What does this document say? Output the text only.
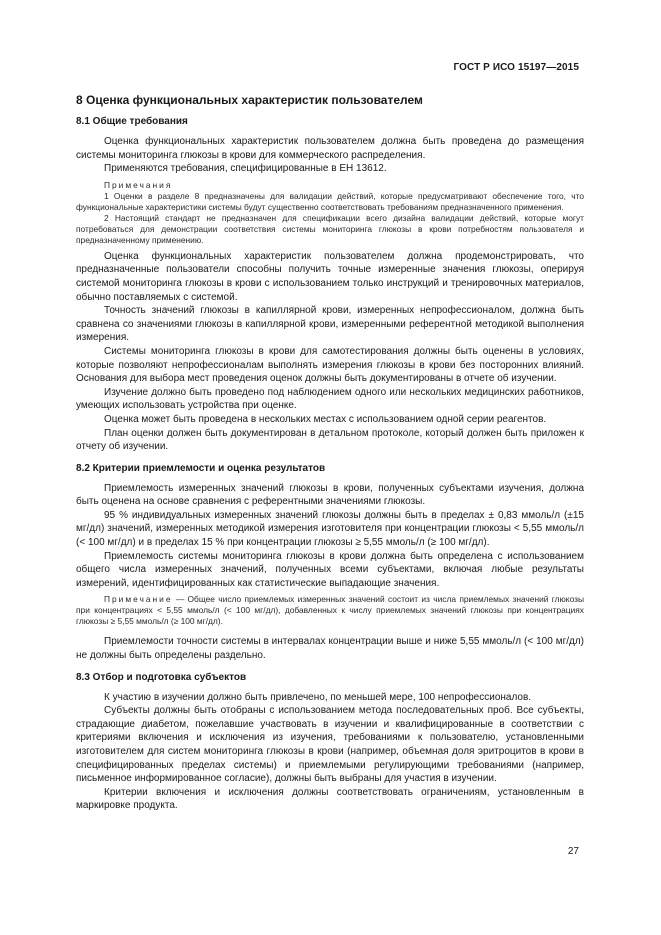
ГОСТ Р ИСО 15197—2015
8 Оценка функциональных характеристик пользователем
8.1 Общие требования

Оценка функциональных характеристик пользователем должна быть проведена до размещения системы мониторинга глюкозы в крови для коммерческого распределения.

Применяются требования, специфицированные в ЕН 13612.

Примечания

1 Оценки в разделе 8 предназначены для валидации действий, которые предусматривают обеспечение того, что функциональные характеристики системы будут существенно соответствовать требованиям предназначенного применения.

2 Настоящий стандарт не предназначен для спецификации всего дизайна валидации действий, которые могут потребоваться для демонстрации соответствия системы мониторинга глюкозы в крови потребностям пользователя и предназначенному применению.

Оценка функциональных характеристик пользователем должна продемонстрировать, что предназначенные пользователи способны получить точные измеренные значения глюкозы, оперируя системой мониторинга глюкозы в крови с использованием только инструкций и тренировочных материалов, обычно поставляемых с системой.

Точность значений глюкозы в капиллярной крови, измеренных непрофессионалом, должна быть сравнена со значениями глюкозы в капиллярной крови, измеренными референтной методикой выполнения измерения.

Системы мониторинга глюкозы в крови для самотестирования должны быть оценены в условиях, которые позволяют непрофессионалам выполнять измерения глюкозы в крови без посторонних влияний. Основания для выбора мест проведения оценок должны быть документированы в отчете об изучении.

Изучение должно быть проведено под наблюдением одного или нескольких медицинских работников, умеющих использовать устройства при оценке.

Оценка может быть проведена в нескольких местах с использованием одной серии реагентов.

План оценки должен быть документирован в детальном протоколе, который должен быть приложен к отчету об изучении.

8.2 Критерии приемлемости и оценка результатов

Приемлемость измеренных значений глюкозы в крови, полученных субъектами изучения, должна быть оценена на основе сравнения с референтными значениями глюкозы.

95 % индивидуальных измеренных значений глюкозы должны быть в пределах ± 0,83 ммоль/л (±15 мг/дл) значений, измеренных методикой измерения изготовителя при концентрации глюкозы < 5,55 ммоль/л (< 100 мг/дл) и в пределах 15 % при концентрации глюкозы ≥ 5,55 ммоль/л (≥ 100 мг/дл).

Приемлемость системы мониторинга глюкозы в крови должна быть определена с использованием общего числа измеренных значений, полученных всеми субъектами, включая любые результаты измерений, идентифицированных как статистические выпадающие значения.

Примечание — Общее число приемлемых измеренных значений состоит из числа приемлемых значений глюкозы при концентрациях < 5,55 ммоль/л (< 100 мг/дл), добавленных к числу приемлемых значений глюкозы при концентрациях глюкозы ≥ 5,55 ммоль/л (≥ 100 мг/дл).

Приемлемости точности системы в интервалах концентрации выше и ниже 5,55 ммоль/л (< 100 мг/дл) не должны быть определены раздельно.

8.3 Отбор и подготовка субъектов

К участию в изучении должно быть привлечено, по меньшей мере, 100 непрофессионалов.

Субъекты должны быть отобраны с использованием метода последовательных проб. Все субъекты, страдающие диабетом, пожелавшие участвовать в изучении и квалифицированные в соответствии с критериями включения и исключения из изучения, требованиями к пользователю, установленными изготовителем для систем мониторинга глюкозы в крови (например, объемная доля эритроцитов в крови в специфицированных пределах системы) и приемлемыми регулирующими требованиями (например, письменное информированное согласие), должны быть выбраны для участия в изучении.

Критерии включения и исключения должны соответствовать ограничениям, установленным в маркировке продукта.

27
